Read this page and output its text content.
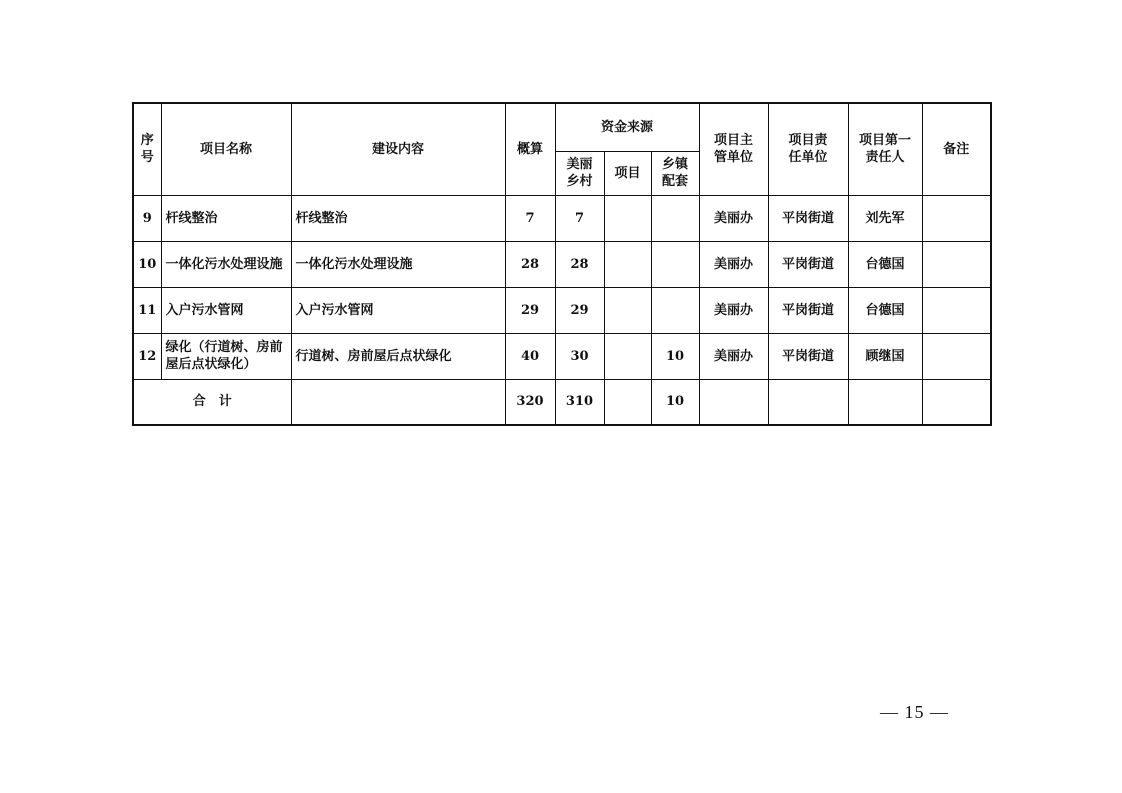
序号	项目名称	建设内容	概算	资金来源			项目主管单位	项目责任单位	项目第一责任人	备注
				美丽乡村	项目	乡镇配套				
9	杆线整治	杆线整治	7	7			美丽办	平岗街道	刘先军	
10	一体化污水处理设施	一体化污水处理设施	28	28			美丽办	平岗街道	台德国	
11	入户污水管网	入户污水管网	29	29			美丽办	平岗街道	台德国	
12	绿化（行道树、房前屋后点状绿化）	行道树、房前屋后点状绿化	40	30		10	美丽办	平岗街道	顾继国	
合　计			320	310		10				
— 15 —
